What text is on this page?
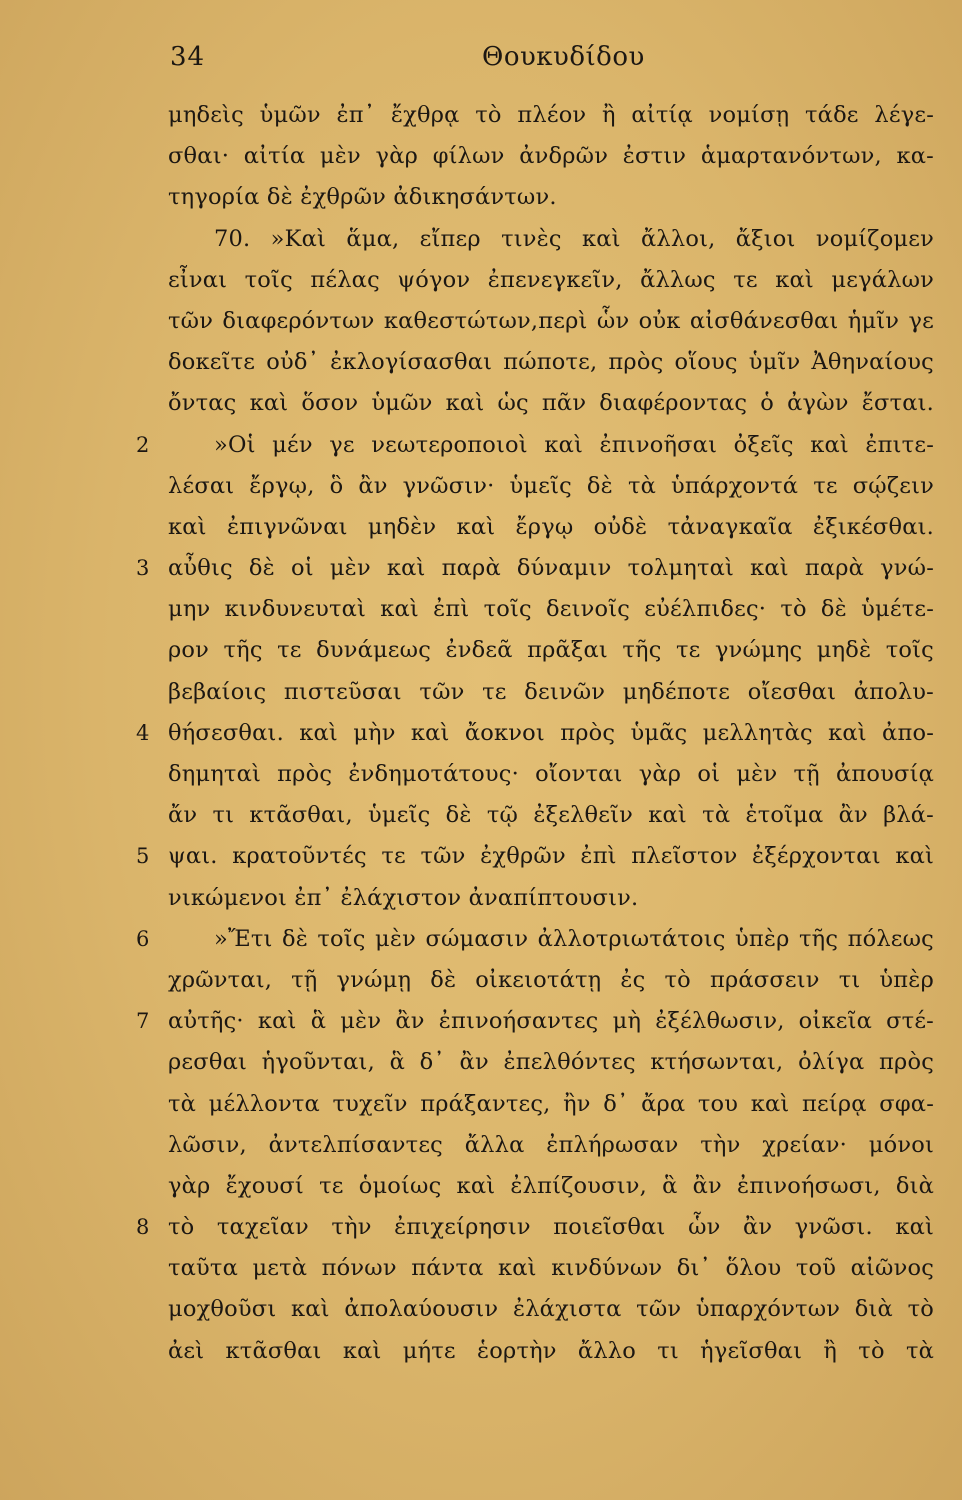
34	Θουκυδίδου
μηδεὶς ὑμῶν ἐπ᾽ ἔχθρᾳ τὸ πλέον ἢ αἰτίᾳ νομίσῃ τάδε λέγε-
σθαι· αἰτία μὲν γὰρ φίλων ἀνδρῶν ἐστιν ἁμαρτανόντων, κα-
τηγορία δὲ ἐχθρῶν ἀδικησάντων.
70. »Καὶ ἅμα, εἴπερ τινὲς καὶ ἄλλοι, ἄξιοι νομίζομεν
εἶναι τοῖς πέλας ψόγον ἐπενεγκεῖν, ἄλλως τε καὶ μεγάλων
τῶν διαφερόντων καθεστώτων,περὶ ὧν οὐκ αἰσθάνεσθαι ἡμῖν γε
δοκεῖτε οὐδ᾽ ἐκλογίσασθαι πώποτε, πρὸς οἵους ὑμῖν Ἀθηναίους
ὄντας καὶ ὅσον ὑμῶν καὶ ὡς πᾶν διαφέροντας ὁ ἀγὼν ἔσται.
2	»Οἱ μέν γε νεωτεροποιοὶ καὶ ἐπινοῆσαι ὀξεῖς καὶ ἐπιτε-
λέσαι ἔργῳ, ὃ ἂν γνῶσιν· ὑμεῖς δὲ τὰ ὑπάρχοντά τε σῴζειν
καὶ ἐπιγνῶναι μηδὲν καὶ ἔργῳ οὐδὲ τἀναγκαῖα ἐξικέσθαι.
3 αὖθις δὲ οἱ μὲν καὶ παρὰ δύναμιν τολμηταὶ καὶ παρὰ γνώ-
μην κινδυνευταὶ καὶ ἐπὶ τοῖς δεινοῖς εὐέλπιδες· τὸ δὲ ὑμέτε-
ρον τῆς τε δυνάμεως ἐνδεᾶ πρᾶξαι τῆς τε γνώμης μηδὲ τοῖς
βεβαίοις πιστεῦσαι τῶν τε δεινῶν μηδέποτε οἴεσθαι ἀπολυ-
4 θήσεσθαι. καὶ μὴν καὶ ἄοκνοι πρὸς ὑμᾶς μελλητὰς καὶ ἀπο-
δημηταὶ πρὸς ἐνδημοτάτους· οἴονται γὰρ οἱ μὲν τῇ ἀπουσίᾳ
ἄν τι κτᾶσθαι, ὑμεῖς δὲ τῷ ἐξελθεῖν καὶ τὰ ἑτοῖμα ἂν βλά-
5 ψαι. κρατοῦντές τε τῶν ἐχθρῶν ἐπὶ πλεῖστον ἐξέρχονται καὶ
νικώμενοι ἐπ᾽ ἐλάχιστον ἀναπίπτουσιν.
6	»Ἔτι δὲ τοῖς μὲν σώμασιν ἀλλοτριωτάτοις ὑπὲρ τῆς πόλεως
χρῶνται, τῇ γνώμῃ δὲ οἰκειοτάτῃ ἐς τὸ πράσσειν τι ὑπὲρ
7 αὐτῆς· καὶ ἃ μὲν ἂν ἐπινοήσαντες μὴ ἐξέλθωσιν, οἰκεῖα στέ-
ρεσθαι ἡγοῦνται, ἃ δ᾽ ἂν ἐπελθόντες κτήσωνται, ὀλίγα πρὸς
τὰ μέλλοντα τυχεῖν πράξαντες, ἢν δ᾽ ἄρα του καὶ πείρᾳ σφα-
λῶσιν, ἀντελπίσαντες ἄλλα ἐπλήρωσαν τὴν χρείαν· μόνοι
γὰρ ἔχουσί τε ὁμοίως καὶ ἐλπίζουσιν, ἃ ἂν ἐπινοήσωσι, διὰ
8 τὸ ταχεῖαν τὴν ἐπιχείρησιν ποιεῖσθαι ὧν ἂν γνῶσι. καὶ
ταῦτα μετὰ πόνων πάντα καὶ κινδύνων δι᾽ ὅλου τοῦ αἰῶνος
μοχθοῦσι καὶ ἀπολαύουσιν ἐλάχιστα τῶν ὑπαρχόντων διὰ τὸ
ἀεὶ κτᾶσθαι καὶ μήτε ἑορτὴν ἄλλο τι ἡγεῖσθαι ἢ τὸ τὰ
